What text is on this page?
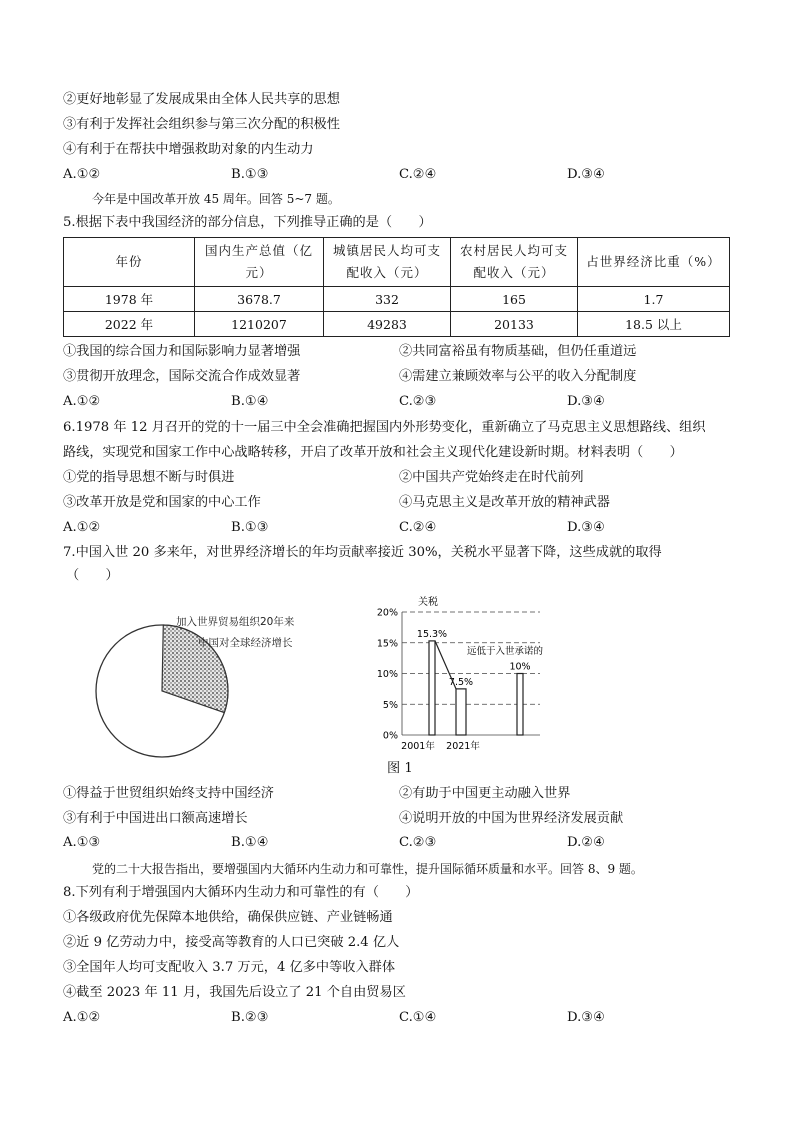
②更好地彰显了发展成果由全体人民共享的思想
③有利于发挥社会组织参与第三次分配的积极性
④有利于在帮扶中增强救助对象的内生动力
A.①②	B.①③	C.②④	D.③④
今年是中国改革开放 45 周年。回答 5~7 题。
5.根据下表中我国经济的部分信息，下列推导正确的是（　　）
年份	国内生产总值（亿元）	城镇居民人均可支配收入（元）	农村居民人均可支配收入（元）	占世界经济比重（%）
1978 年	3678.7	332	165	1.7
2022 年	1210207	49283	20133	18.5 以上
①我国的综合国力和国际影响力显著增强	②共同富裕虽有物质基础，但仍任重道远
③贯彻开放理念，国际交流合作成效显著	④需建立兼顾效率与公平的收入分配制度
A.①②	B.①④	C.②③	D.③④
6.1978 年 12 月召开的党的十一届三中全会准确把握国内外形势变化，重新确立了马克思主义思想路线、组织
路线，实现党和国家工作中心战略转移，开启了改革开放和社会主义现代化建设新时期。材料表明（　　）
①党的指导思想不断与时俱进	②中国共产党始终走在时代前列
③改革开放是党和国家的中心工作	④马克思主义是改革开放的精神武器
A.①②	B.①③	C.②④	D.③④
7.中国入世 20 多来年，对世界经济增长的年均贡献率接近 30%，关税水平显著下降，这些成就的取得
（　　）
加入世界贸易组织20年来
中国对全球经济增长
关税
0%
5%
10%
15%
20%
15.3%
7.5%
10%
2001年 2021年
远低于入世承诺的
图 1
①得益于世贸组织始终支持中国经济	②有助于中国更主动融入世界
③有利于中国进出口额高速增长	④说明开放的中国为世界经济发展贡献
A.①③	B.①④	C.②③	D.②④
党的二十大报告指出，要增强国内大循环内生动力和可靠性，提升国际循环质量和水平。回答 8、9 题。
8.下列有利于增强国内大循环内生动力和可靠性的有（　　）
①各级政府优先保障本地供给，确保供应链、产业链畅通
②近 9 亿劳动力中，接受高等教育的人口已突破 2.4 亿人
③全国年人均可支配收入 3.7 万元，4 亿多中等收入群体
④截至 2023 年 11 月，我国先后设立了 21 个自由贸易区
A.①②	B.②③	C.①④	D.③④
